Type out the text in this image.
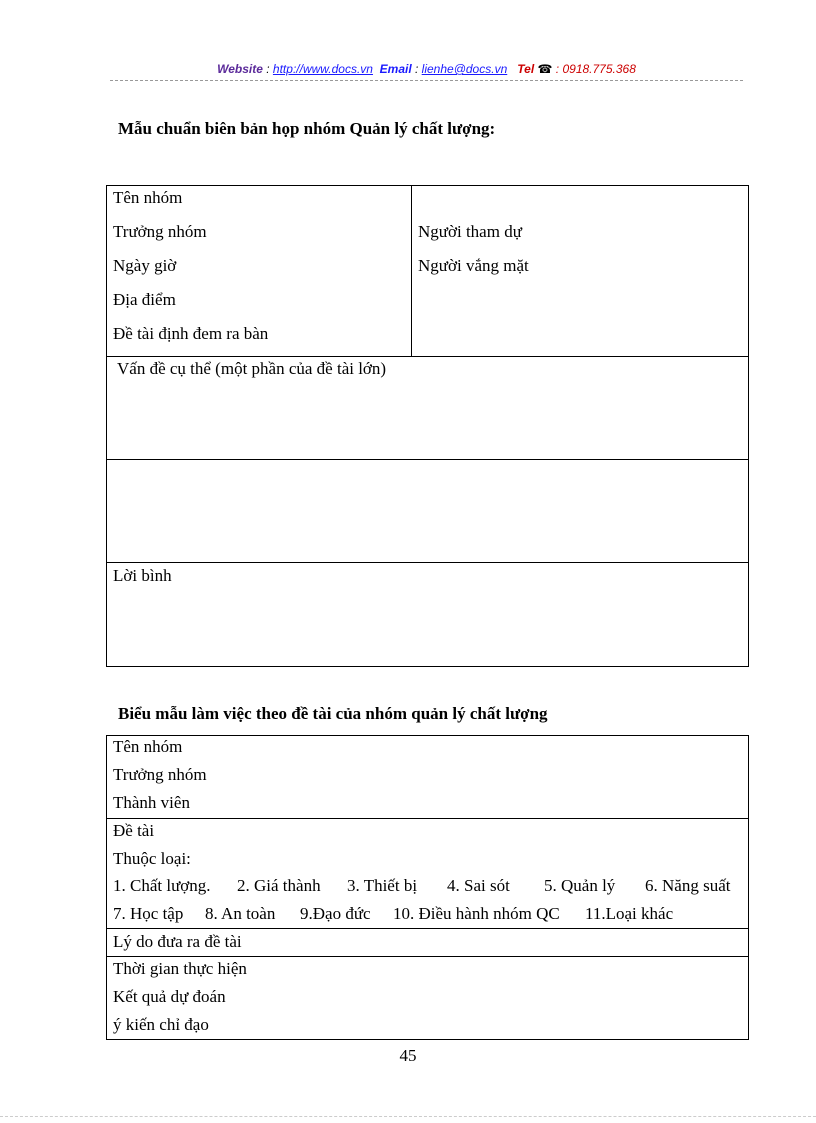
Website : http://www.docs.vn Email : lienhe@docs.vn Tel ☎ : 0918.775.368
Mẫu chuẩn biên bản họp nhóm Quản lý chất lượng:
Tên nhóm
Trưởng nhóm
Ngày giờ
Địa điểm
Đề tài định đem ra bàn
Người tham dự
Người vắng mặt
Vấn đề cụ thể (một phần của đề tài lớn)
Lời bình
Biểu mẫu làm việc theo đề tài của nhóm quản lý chất lượng
Tên nhóm
Trưởng nhóm
Thành viên
Đề tài
Thuộc loại:
1. Chất lượng. 2. Giá thành 3. Thiết bị 4. Sai sót 5. Quản lý 6. Năng suất
7. Học tập 8. An toàn 9.Đạo đức 10. Điều hành nhóm QC 11.Loại khác
Lý do đưa ra đề tài
Thời gian thực hiện
Kết quả dự đoán
ý kiến chỉ đạo
45
